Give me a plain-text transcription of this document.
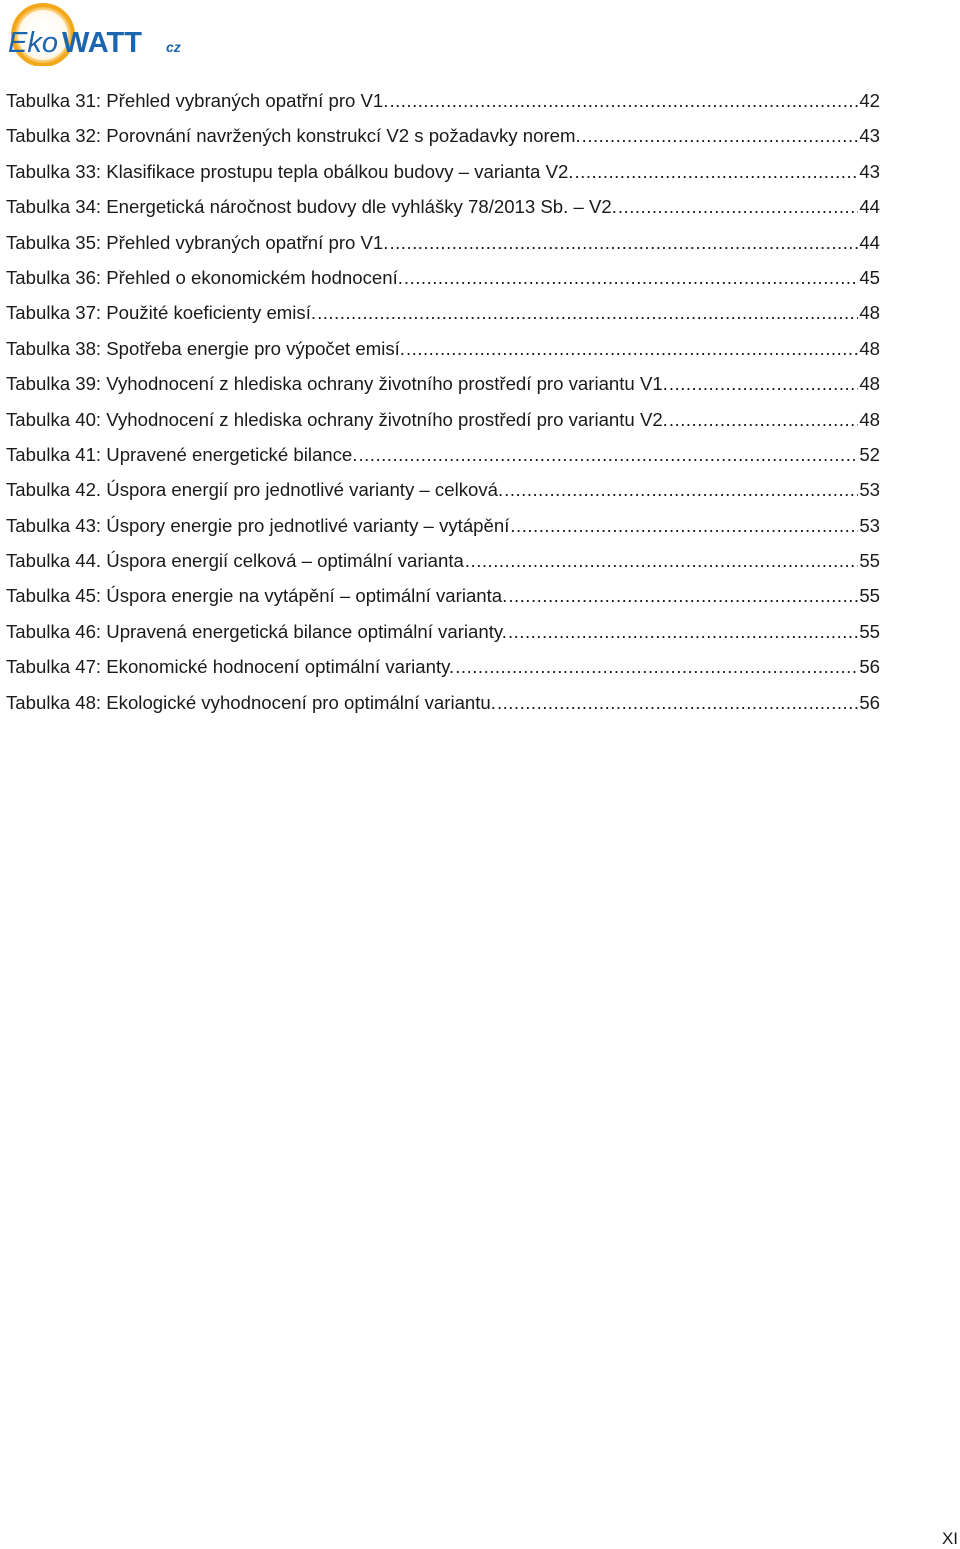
Eko WATT cz
Tabulka 31: Přehled vybraných opatřní pro V1. .....	42
Tabulka 32: Porovnání navržených konstrukcí V2 s požadavky norem. .....	43
Tabulka 33: Klasifikace prostupu tepla obálkou budovy – varianta V2. .....	43
Tabulka 34: Energetická náročnost budovy dle vyhlášky 78/2013 Sb. – V2. .....	44
Tabulka 35: Přehled vybraných opatřní pro V1. .....	44
Tabulka 36: Přehled o ekonomickém hodnocení. .....	45
Tabulka 37: Použité koeficienty emisí. .....	48
Tabulka 38: Spotřeba energie pro výpočet emisí. .....	48
Tabulka 39: Vyhodnocení z hlediska ochrany životního prostředí pro variantu V1. .....	48
Tabulka 40: Vyhodnocení z hlediska ochrany životního prostředí pro variantu V2. .....	48
Tabulka 41: Upravené energetické bilance. .....	52
Tabulka 42. Úspora energií pro jednotlivé varianty – celková. .....	53
Tabulka 43: Úspory energie pro jednotlivé varianty – vytápění .....	53
Tabulka 44. Úspora energií celková – optimální varianta .....	55
Tabulka 45: Úspora energie na vytápění – optimální varianta. .....	55
Tabulka 46: Upravená energetická bilance optimální varianty. .....	55
Tabulka 47: Ekonomické hodnocení optimální varianty. .....	56
Tabulka 48: Ekologické vyhodnocení pro optimální variantu. .....	56
XI
